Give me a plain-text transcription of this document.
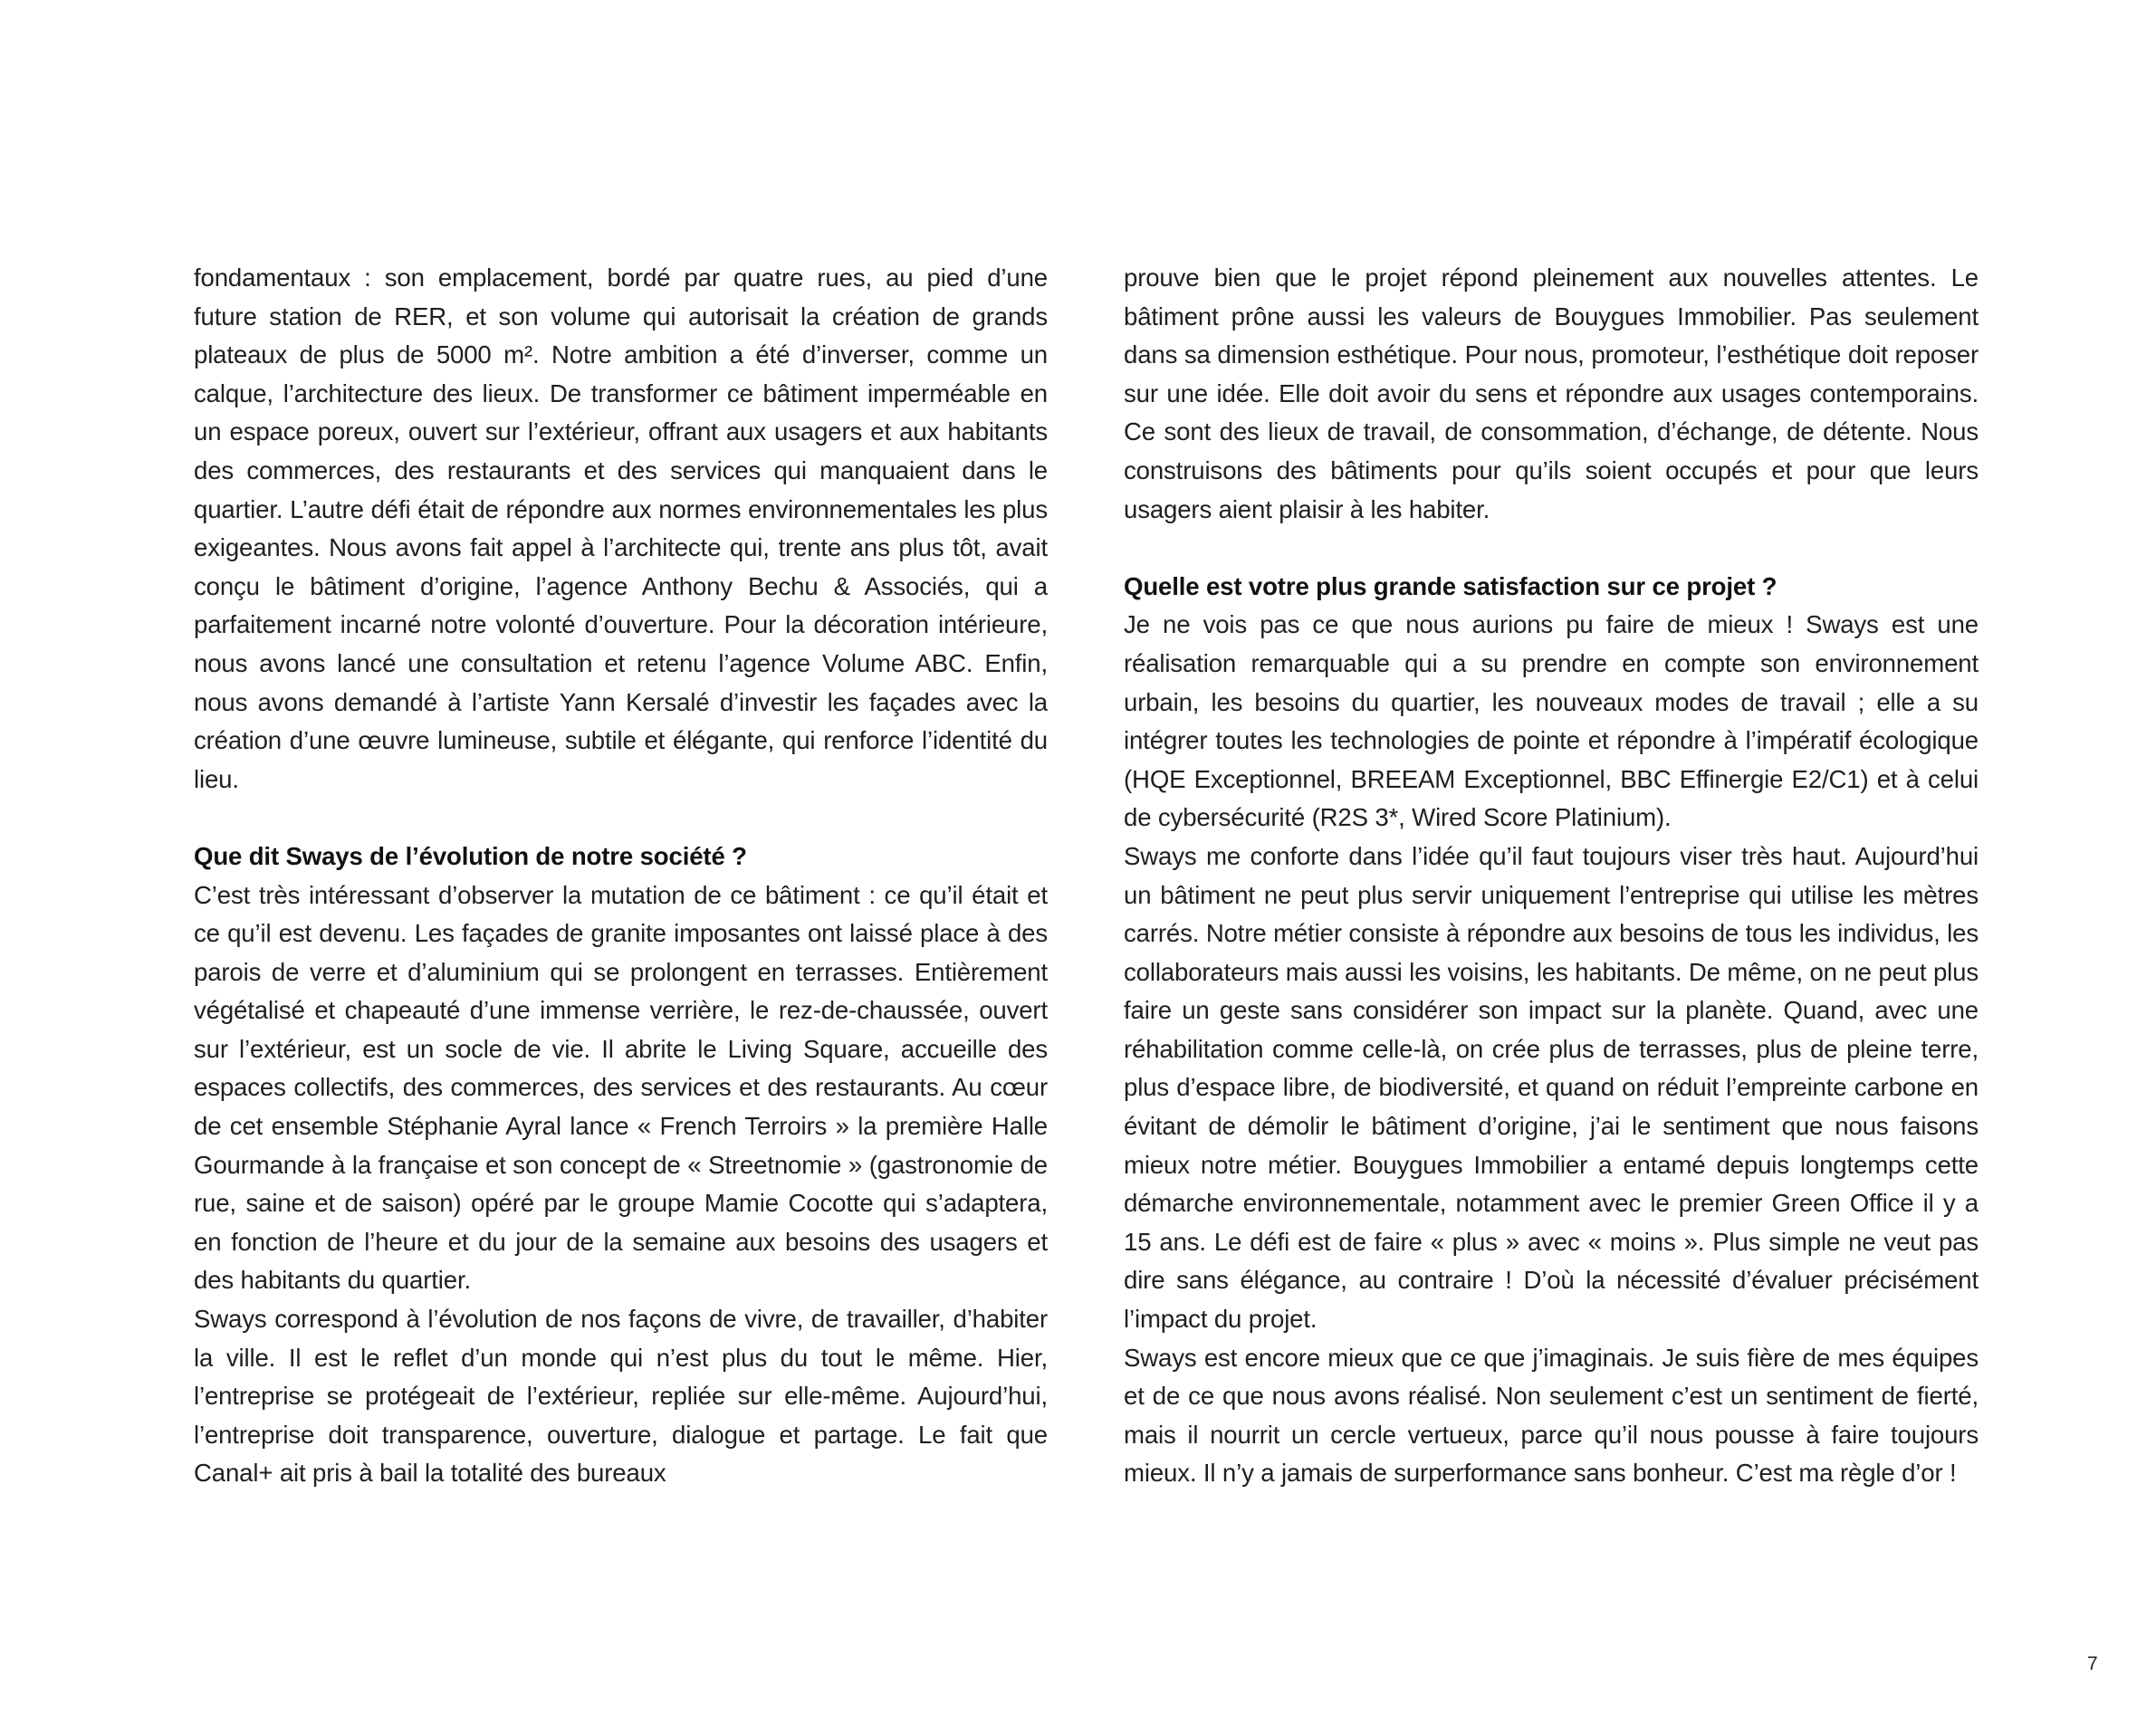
fondamentaux : son emplacement, bordé par quatre rues, au pied d’une future station de RER, et son volume qui autorisait la création de grands plateaux de plus de 5000 m². Notre ambition a été d’inverser, comme un calque, l’architecture des lieux. De transformer ce bâtiment imperméable en un espace poreux, ouvert sur l’extérieur, offrant aux usagers et aux habitants des commerces, des restaurants et des services qui manquaient dans le quartier. L’autre défi était de répondre aux normes environnementales les plus exigeantes. Nous avons fait appel à l’architecte qui, trente ans plus tôt, avait conçu le bâtiment d’origine, l’agence Anthony Bechu & Associés, qui a parfaitement incarné notre volonté d’ouverture. Pour la décoration intérieure, nous avons lancé une consultation et retenu l’agence Volume ABC. Enfin, nous avons demandé à l’artiste Yann Kersalé d’investir les façades avec la création d’une œuvre lumineuse, subtile et élégante, qui renforce l’identité du lieu.

Que dit Sways de l’évolution de notre société ?

C’est très intéressant d’observer la mutation de ce bâtiment : ce qu’il était et ce qu’il est devenu. Les façades de granite imposantes ont laissé place à des parois de verre et d’aluminium qui se prolongent en terrasses. Entièrement végétalisé et chapeauté d’une immense verrière, le rez-de-chaussée, ouvert sur l’extérieur, est un socle de vie. Il abrite le Living Square, accueille des espaces collectifs, des commerces, des services et des restaurants. Au cœur de cet ensemble Stéphanie Ayral lance « French Terroirs » la première Halle Gourmande à la française et son concept de « Streetnomie » (gastronomie de rue, saine et de saison) opéré par le groupe Mamie Cocotte qui s’adaptera, en fonction de l’heure et du jour de la semaine aux besoins des usagers et des habitants du quartier.

Sways correspond à l’évolution de nos façons de vivre, de travailler, d’habiter la ville. Il est le reflet d’un monde qui n’est plus du tout le même. Hier, l’entreprise se protégeait de l’extérieur, repliée sur elle-même. Aujourd’hui, l’entreprise doit transparence, ouverture, dialogue et partage. Le fait que Canal+ ait pris à bail la totalité des bureaux

prouve bien que le projet répond pleinement aux nouvelles attentes. Le bâtiment prône aussi les valeurs de Bouygues Immobilier. Pas seulement dans sa dimension esthétique. Pour nous, promoteur, l’esthétique doit reposer sur une idée. Elle doit avoir du sens et répondre aux usages contemporains. Ce sont des lieux de travail, de consommation, d’échange, de détente. Nous construisons des bâtiments pour qu’ils soient occupés et pour que leurs usagers aient plaisir à les habiter.

Quelle est votre plus grande satisfaction sur ce projet ?

Je ne vois pas ce que nous aurions pu faire de mieux ! Sways est une réalisation remarquable qui a su prendre en compte son environnement urbain, les besoins du quartier, les nouveaux modes de travail ; elle a su intégrer toutes les technologies de pointe et répondre à l’impératif écologique (HQE Exceptionnel, BREEAM Exceptionnel, BBC Effinergie E2/C1) et à celui de cybersécurité (R2S 3*, Wired Score Platinium).

Sways me conforte dans l’idée qu’il faut toujours viser très haut. Aujourd’hui un bâtiment ne peut plus servir uniquement l’entreprise qui utilise les mètres carrés. Notre métier consiste à répondre aux besoins de tous les individus, les collaborateurs mais aussi les voisins, les habitants. De même, on ne peut plus faire un geste sans considérer son impact sur la planète. Quand, avec une réhabilitation comme celle-là, on crée plus de terrasses, plus de pleine terre, plus d’espace libre, de biodiversité, et quand on réduit l’empreinte carbone en évitant de démolir le bâtiment d’origine, j’ai le sentiment que nous faisons mieux notre métier. Bouygues Immobilier a entamé depuis longtemps cette démarche environnementale, notamment avec le premier Green Office il y a 15 ans. Le défi est de faire « plus » avec « moins ». Plus simple ne veut pas dire sans élégance, au contraire ! D’où la nécessité d’évaluer précisément l’impact du projet.

Sways est encore mieux que ce que j’imaginais. Je suis fière de mes équipes et de ce que nous avons réalisé. Non seulement c’est un sentiment de fierté, mais il nourrit un cercle vertueux, parce qu’il nous pousse à faire toujours mieux. Il n’y a jamais de surperformance sans bonheur. C’est ma règle d’or !

7
